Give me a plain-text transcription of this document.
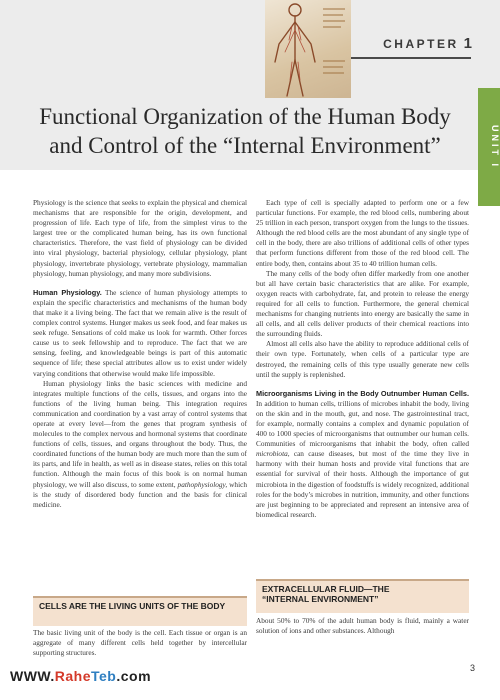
CHAPTER 1
UNIT I
Functional Organization of the Human Body
and Control of the “Internal Environment”

Physiology is the science that seeks to explain the physical and chemical mechanisms that are responsible for the origin, development, and progression of life. Each type of life, from the simplest virus to the largest tree or the complicated human being, has its own functional characteristics. Therefore, the vast field of physiology can be divided into viral physiology, bacterial physiology, cellular physiology, plant physiology, invertebrate physiology, vertebrate physiology, mammalian physiology, human physiology, and many more subdivisions.

Human Physiology. The science of human physiology attempts to explain the specific characteristics and mechanisms of the human body that make it a living being. The fact that we remain alive is the result of complex control systems. Hunger makes us seek food, and fear makes us seek refuge. Sensations of cold make us look for warmth. Other forces cause us to seek fellowship and to reproduce. The fact that we are sensing, feeling, and knowledgeable beings is part of this automatic sequence of life; these special attributes allow us to exist under widely varying conditions that otherwise would make life impossible.

Human physiology links the basic sciences with medicine and integrates multiple functions of the cells, tissues, and organs into the functions of the living human being. This integration requires communication and coordination by a vast array of control systems that operate at every level—from the genes that program synthesis of molecules to the complex nervous and hormonal systems that coordinate functions of cells, tissues, and organs throughout the body. Thus, the coordinated functions of the human body are much more than the sum of its parts, and life in health, as well as in disease states, relies on this total function. Although the main focus of this book is on normal human physiology, we will also discuss, to some extent, pathophysiology, which is the study of disordered body function and the basis for clinical medicine.

CELLS ARE THE LIVING UNITS OF THE BODY

The basic living unit of the body is the cell. Each tissue or organ is an aggregate of many different cells held together by intercellular supporting structures.

Each type of cell is specially adapted to perform one or a few particular functions. For example, the red blood cells, numbering about 25 trillion in each person, transport oxygen from the lungs to the tissues. Although the red blood cells are the most abundant of any single type of cell in the body, there are also trillions of additional cells of other types that perform functions different from those of the red blood cell. The entire body, then, contains about 35 to 40 trillion human cells.

The many cells of the body often differ markedly from one another but all have certain basic characteristics that are alike. For example, oxygen reacts with carbohydrate, fat, and protein to release the energy required for all cells to function. Furthermore, the general chemical mechanisms for changing nutrients into energy are basically the same in all cells, and all cells deliver products of their chemical reactions into the surrounding fluids.

Almost all cells also have the ability to reproduce additional cells of their own type. Fortunately, when cells of a particular type are destroyed, the remaining cells of this type usually generate new cells until the supply is replenished.

Microorganisms Living in the Body Outnumber Human Cells. In addition to human cells, trillions of microbes inhabit the body, living on the skin and in the mouth, gut, and nose. The gastrointestinal tract, for example, normally contains a complex and dynamic population of 400 to 1000 species of microorganisms that outnumber our human cells. Communities of microorganisms that inhabit the body, often called microbiota, can cause diseases, but most of the time they live in harmony with their human hosts and provide vital functions that are essential for survival of their hosts. Although the importance of gut microbiota in the digestion of foodstuffs is widely recognized, additional roles for the body’s microbes in nutrition, immunity, and other functions are just beginning to be appreciated and represent an intensive area of biomedical research.

EXTRACELLULAR FLUID—THE
“INTERNAL ENVIRONMENT”

About 50% to 70% of the adult human body is fluid, mainly a water solution of ions and other substances. Although

3
WWW.RaheTeb.com
